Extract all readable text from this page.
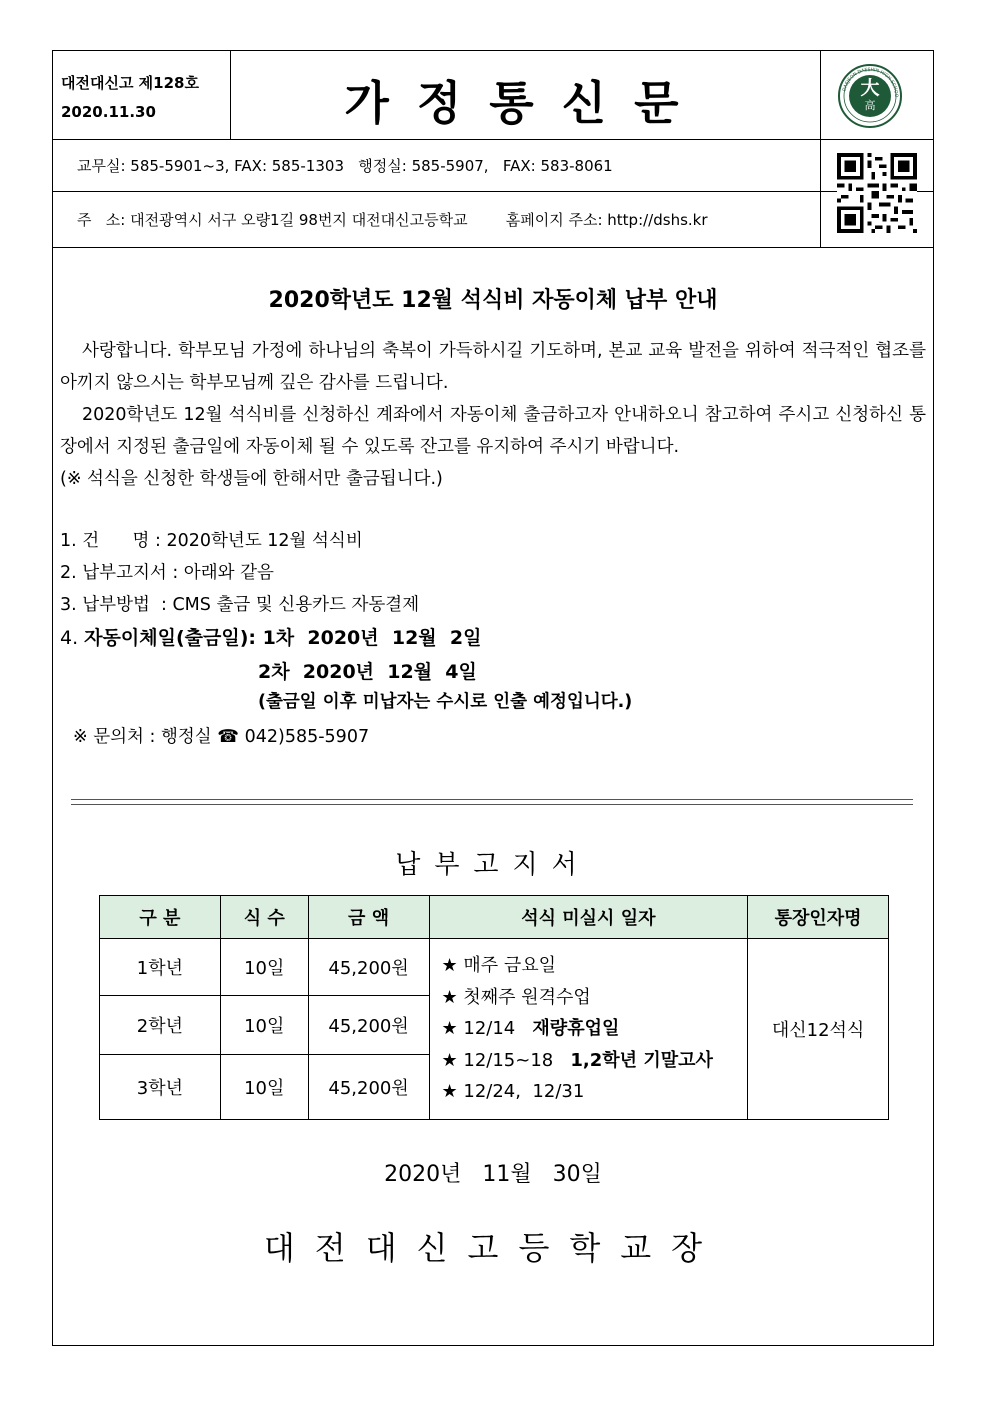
대전대신고 제128호
2020.11.30	가정통신문	大
高
DAEJEON DAESHIN HIGH SCHOO
교무실: 585-5901~3, FAX: 585-1303   행정실: 585-5907,   FAX: 583-8061
주   소: 대전광역시 서구 오량1길 98번지 대전대신고등학교        홈페이지 주소: http://dshs.kr
2020학년도 12월 석식비 자동이체 납부 안내

사랑합니다. 학부모님 가정에 하나님의 축복이 가득하시길 기도하며, 본교 교육 발전을 위하여 적극적인 협조를 아끼지 않으시는 학부모님께 깊은 감사를 드립니다.

2020학년도 12월 석식비를 신청하신 계좌에서 자동이체 출금하고자 안내하오니 참고하여 주시고 신청하신 통장에서 지정된 출금일에 자동이체 될 수 있도록 잔고를 유지하여 주시기 바랍니다.

(※ 석식을 신청한 학생들에 한해서만 출금됩니다.)

1. 건      명 : 2020학년도 12월 석식비
2. 납부고지서 : 아래와 같음
3. 납부방법  : CMS 출금 및 신용카드 자동결제
4. 자동이체일(출금일): 1차  2020년  12월  2일
2차  2020년  12월  4일
(출금일 이후 미납자는 수시로 인출 예정입니다.)
※ 문의처 : 행정실 ☎ 042)585-5907
납부고지서
구 분	식 수	금 액	석식 미실시 일자	통장인자명
1학년	10일	45,200원	★ 매주 금요일
★ 첫째주 원격수업
★ 12/14   재량휴업일
★ 12/15~18   1,2학년 기말고사
★ 12/24,  12/31	대신12석식
2학년	10일	45,200원		
3학년	10일	45,200원		
2020년   11월   30일
대전대신고등학교장
